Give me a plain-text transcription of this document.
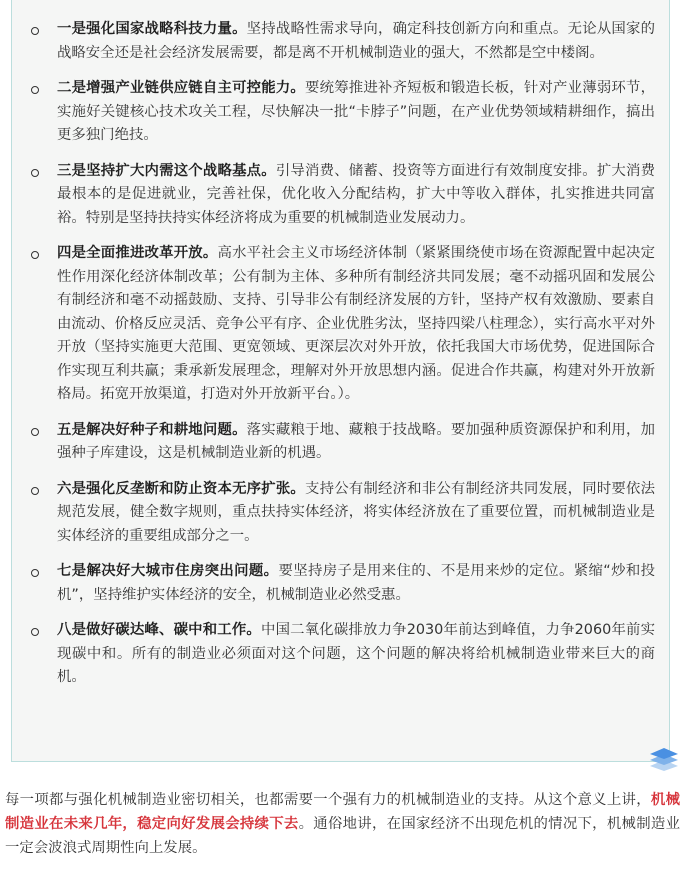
一是强化国家战略科技力量。坚持战略性需求导向，确定科技创新方向和重点。无论从国家的战略安全还是社会经济发展需要，都是离不开机械制造业的强大，不然都是空中楼阁。
二是增强产业链供应链自主可控能力。要统筹推进补齐短板和锻造长板，针对产业薄弱环节，实施好关键核心技术攻关工程，尽快解决一批“卡脖子”问题，在产业优势领域精耕细作，搞出更多独门绝技。
三是坚持扩大内需这个战略基点。引导消费、储蓄、投资等方面进行有效制度安排。扩大消费最根本的是促进就业，完善社保，优化收入分配结构，扩大中等收入群体，扎实推进共同富裕。特别是坚持扶持实体经济将成为重要的机械制造业发展动力。
四是全面推进改革开放。高水平社会主义市场经济体制（紧紧围绕使市场在资源配置中起决定性作用深化经济体制改革；公有制为主体、多种所有制经济共同发展；毫不动摇巩固和发展公有制经济和毫不动摇鼓励、支持、引导非公有制经济发展的方针，坚持产权有效激励、要素自由流动、价格反应灵活、竞争公平有序、企业优胜劣汰，坚持四梁八柱理念），实行高水平对外开放（坚持实施更大范围、更宽领域、更深层次对外开放，依托我国大市场优势，促进国际合作实现互利共赢；秉承新发展理念，理解对外开放思想内涵。促进合作共赢，构建对外开放新格局。拓宽开放渠道，打造对外开放新平台。）。
五是解决好种子和耕地问题。落实藏粮于地、藏粮于技战略。要加强种质资源保护和利用，加强种子库建设，这是机械制造业新的机遇。
六是强化反垄断和防止资本无序扩张。支持公有制经济和非公有制经济共同发展，同时要依法规范发展，健全数字规则，重点扶持实体经济，将实体经济放在了重要位置，而机械制造业是实体经济的重要组成部分之一。
七是解决好大城市住房突出问题。要坚持房子是用来住的、不是用来炒的定位。紧缩“炒和投机”，坚持维护实体经济的安全，机械制造业必然受惠。
八是做好碳达峰、碳中和工作。中国二氧化碳排放力争2030年前达到峰值，力争2060年前实现碳中和。所有的制造业必须面对这个问题，这个问题的解决将给机械制造业带来巨大的商机。

每一项都与强化机械制造业密切相关，也都需要一个强有力的机械制造业的支持。从这个意义上讲，机械制造业在未来几年，稳定向好发展会持续下去。通俗地讲，在国家经济不出现危机的情况下，机械制造业一定会波浪式周期性向上发展。
